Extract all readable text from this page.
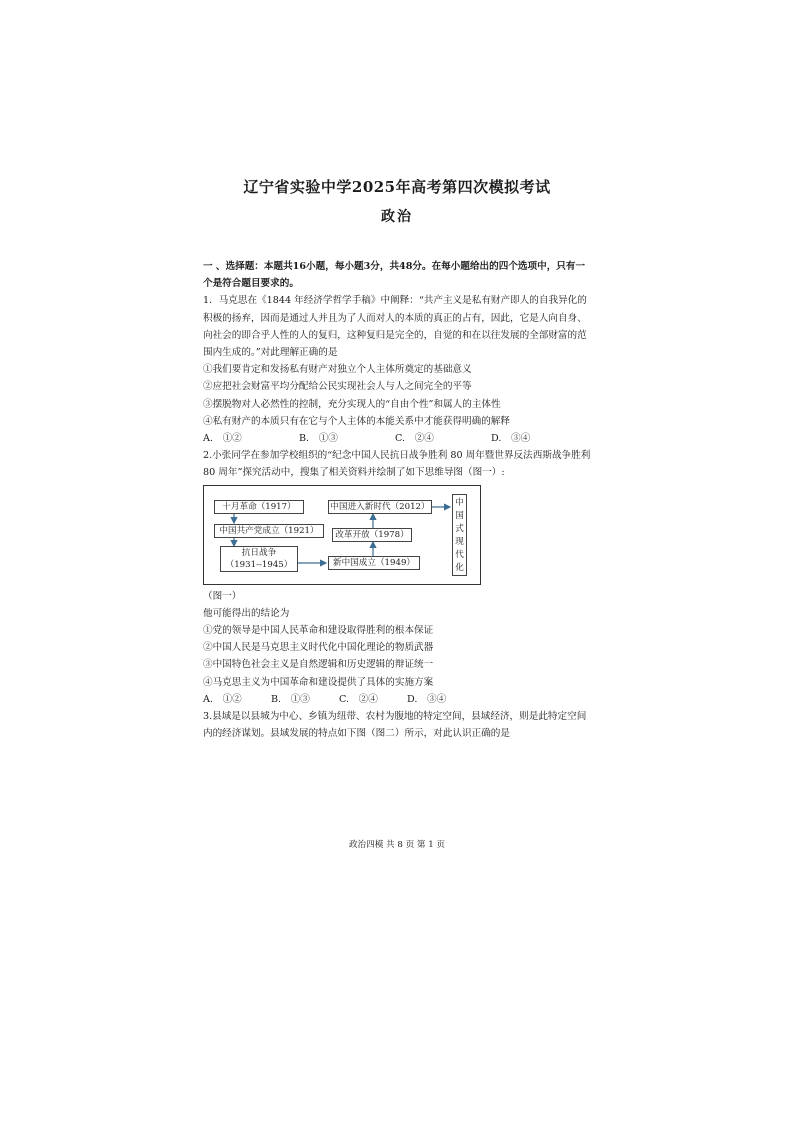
辽宁省实验中学2025年高考第四次模拟考试
政治

一 、选择题：本题共16小题，每小题3分，共48分。在每小题给出的四个选项中，只有一个是符合题目要求的。

1．马克思在《1844 年经济学哲学手稿》中阐释：“共产主义是私有财产即人的自我异化的积极的扬弃，因而是通过人并且为了人而对人的本质的真正的占有，因此，它是人向自身、向社会的即合乎人性的人的复归，这种复归是完全的，自觉的和在以往发展的全部财富的范围内生成的。”对此理解正确的是

①我们要肯定和发扬私有财产对独立个人主体所奠定的基础意义

②应把社会财富平均分配给公民实现社会人与人之间完全的平等

③摆脱物对人必然性的控制，充分实现人的“自由个性”和属人的主体性

④私有财产的本质只有在它与个人主体的本能关系中才能获得明确的解释

A.　①②	B.　①③	C.　②④	D.　③④

2.小张同学在参加学校组织的“纪念中国人民抗日战争胜利 80 周年暨世界反法西斯战争胜利 80 周年”探究活动中，搜集了相关资料并绘制了如下思维导图（图一）:

十月革命（1917）
中国共产党成立（1921）
抗日战争
（1931--1945）	新中国成立（1949）
改革开放（1978）
中国进入新时代（2012）	中国式现代化

（图一）

他可能得出的结论为

①党的领导是中国人民革命和建设取得胜利的根本保证

②中国人民是马克思主义时代化中国化理论的物质武器

③中国特色社会主义是自然逻辑和历史逻辑的辩证统一

④马克思主义为中国革命和建设提供了具体的实施方案

A.　①②	B.　①③	C.　②④	D.　③④

3.县域是以县城为中心、乡镇为纽带、农村为腹地的特定空间，县域经济，则是此特定空间内的经济谋划。县域发展的特点如下图（图二）所示，对此认识正确的是

政治四模 共 8 页 第 1 页
